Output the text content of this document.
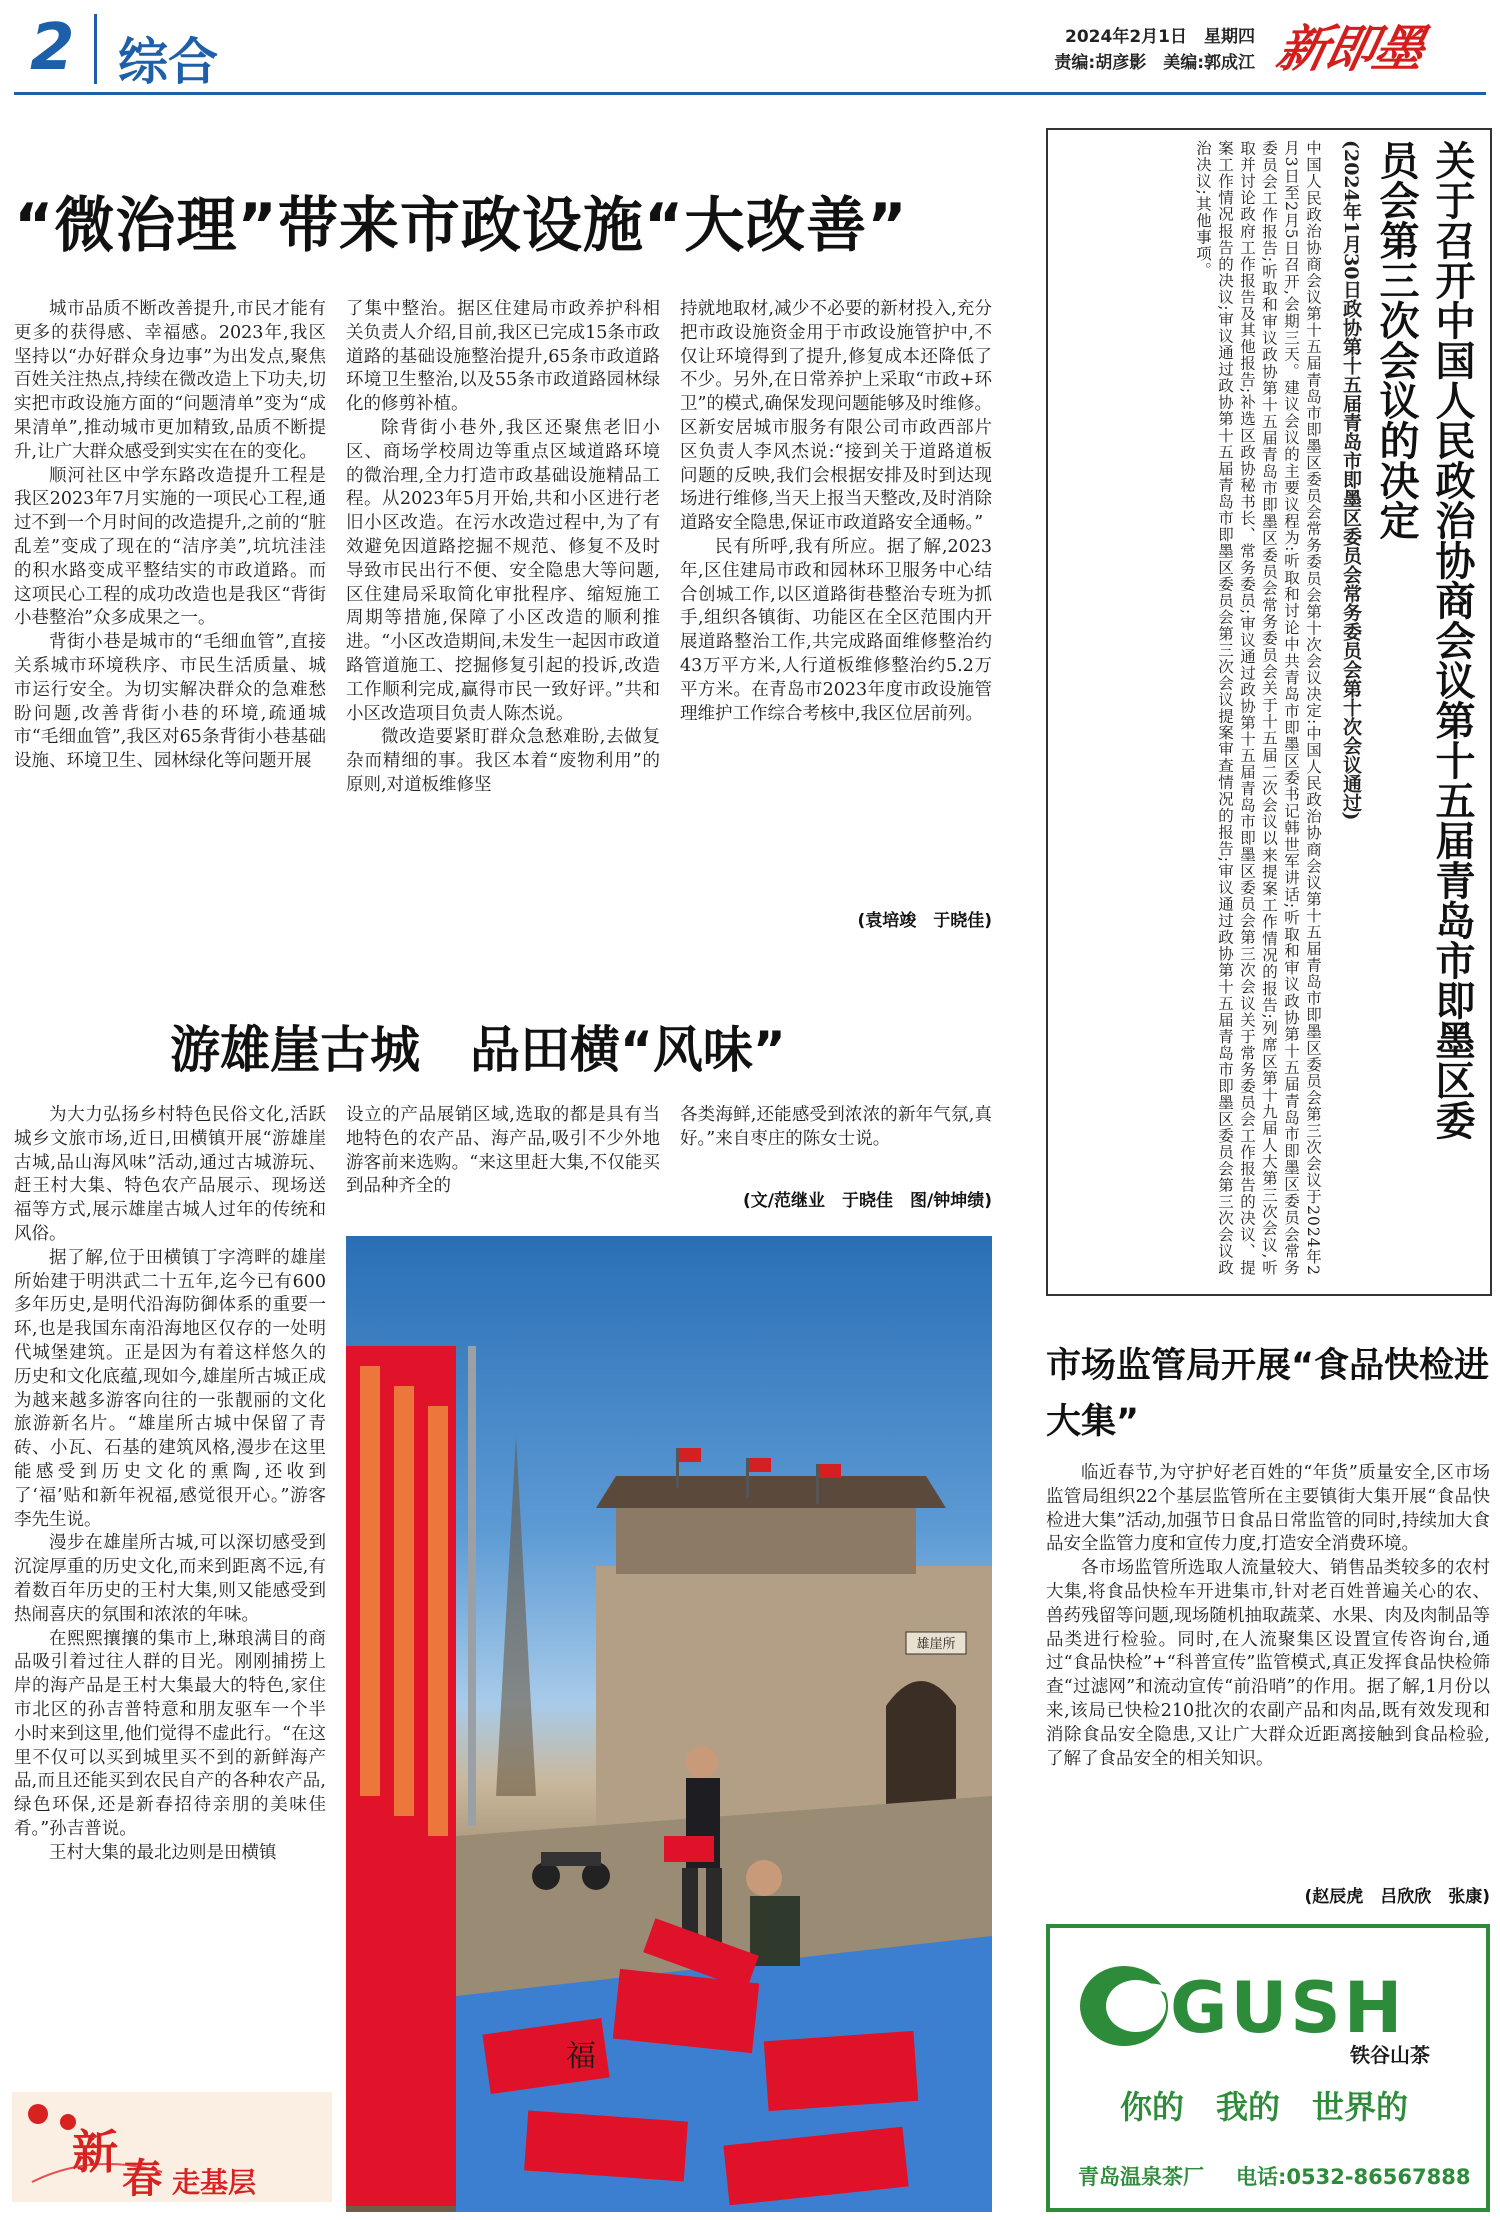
2 综合	2024年2月1日　星期四
责编:胡彦影　美编:郭成江 新即墨
“微治理”带来市政设施“大改善”

城市品质不断改善提升,市民才能有更多的获得感、幸福感。2023年,我区坚持以“办好群众身边事”为出发点,聚焦百姓关注热点,持续在微改造上下功夫,切实把市政设施方面的“问题清单”变为“成果清单”,推动城市更加精致,品质不断提升,让广大群众感受到实实在在的变化。

顺河社区中学东路改造提升工程是我区2023年7月实施的一项民心工程,通过不到一个月时间的改造提升,之前的“脏乱差”变成了现在的“洁序美”,坑坑洼洼的积水路变成平整结实的市政道路。而这项民心工程的成功改造也是我区“背街小巷整治”众多成果之一。

背街小巷是城市的“毛细血管”,直接关系城市环境秩序、市民生活质量、城市运行安全。为切实解决群众的急难愁盼问题,改善背街小巷的环境,疏通城市“毛细血管”,我区对65条背街小巷基础设施、环境卫生、园林绿化等问题开展

了集中整治。据区住建局市政养护科相关负责人介绍,目前,我区已完成15条市政道路的基础设施整治提升,65条市政道路环境卫生整治,以及55条市政道路园林绿化的修剪补植。

除背街小巷外,我区还聚焦老旧小区、商场学校周边等重点区域道路环境的微治理,全力打造市政基础设施精品工程。从2023年5月开始,共和小区进行老旧小区改造。在污水改造过程中,为了有效避免因道路挖掘不规范、修复不及时导致市民出行不便、安全隐患大等问题,区住建局采取简化审批程序、缩短施工周期等措施,保障了小区改造的顺利推进。“小区改造期间,未发生一起因市政道路管道施工、挖掘修复引起的投诉,改造工作顺利完成,赢得市民一致好评。”共和小区改造项目负责人陈杰说。

微改造要紧盯群众急愁难盼,去做复杂而精细的事。我区本着“废物利用”的原则,对道板维修坚

持就地取材,减少不必要的新材投入,充分把市政设施资金用于市政设施管护中,不仅让环境得到了提升,修复成本还降低了不少。另外,在日常养护上采取“市政+环卫”的模式,确保发现问题能够及时维修。区新安居城市服务有限公司市政西部片区负责人李风杰说:“接到关于道路道板问题的反映,我们会根据安排及时到达现场进行维修,当天上报当天整改,及时消除道路安全隐患,保证市政道路安全通畅。”

民有所呼,我有所应。据了解,2023年,区住建局市政和园林环卫服务中心结合创城工作,以区道路街巷整治专班为抓手,组织各镇街、功能区在全区范围内开展道路整治工作,共完成路面维修整治约43万平方米,人行道板维修整治约5.2万平方米。在青岛市2023年度市政设施管理维护工作综合考核中,我区位居前列。

(袁培竣　于晓佳)
游雄崖古城　品田横“风味”

为大力弘扬乡村特色民俗文化,活跃城乡文旅市场,近日,田横镇开展“游雄崖古城,品山海风味”活动,通过古城游玩、赶王村大集、特色农产品展示、现场送福等方式,展示雄崖古城人过年的传统和风俗。

据了解,位于田横镇丁字湾畔的雄崖所始建于明洪武二十五年,迄今已有600多年历史,是明代沿海防御体系的重要一环,也是我国东南沿海地区仅存的一处明代城堡建筑。正是因为有着这样悠久的历史和文化底蕴,现如今,雄崖所古城正成为越来越多游客向往的一张靓丽的文化旅游新名片。“雄崖所古城中保留了青砖、小瓦、石基的建筑风格,漫步在这里能感受到历史文化的熏陶,还收到了‘福’贴和新年祝福,感觉很开心。”游客李先生说。

漫步在雄崖所古城,可以深切感受到沉淀厚重的历史文化,而来到距离不远,有着数百年历史的王村大集,则又能感受到热闹喜庆的氛围和浓浓的年味。

在熙熙攘攘的集市上,琳琅满目的商品吸引着过往人群的目光。刚刚捕捞上岸的海产品是王村大集最大的特色,家住市北区的孙吉普特意和朋友驱车一个半小时来到这里,他们觉得不虚此行。“在这里不仅可以买到城里买不到的新鲜海产品,而且还能买到农民自产的各种农产品,绿色环保,还是新春招待亲朋的美味佳肴。”孙吉普说。

王村大集的最北边则是田横镇

设立的产品展销区域,选取的都是具有当地特色的农产品、海产品,吸引不少外地游客前来选购。“来这里赶大集,不仅能买到品种齐全的

各类海鲜,还能感受到浓浓的新年气氛,真好。”来自枣庄的陈女士说。

(文/范继业　于晓佳　图/钟坤绩)
雄崖所
福
新 春 走基层
关于召开中国人民政治协商会议第十五届青岛市即墨区委员会第三次会议的决定
(2024年1月30日政协第十五届青岛市即墨区委员会常务委员会第十次会议通过)
中国人民政治协商会议第十五届青岛市即墨区委员会常务委员会第十次会议决定:中国人民政治协商会议第十五届青岛市即墨区委员会第三次会议于2024年2月3日至2月5日召开,会期三天。建议会议的主要议程为:听取和讨论中共青岛市即墨区委书记韩世军讲话;听取和审议政协第十五届青岛市即墨区委员会常务委员会工作报告;听取和审议政协第十五届青岛市即墨区委员会常务委员会关于十五届二次会议以来提案工作情况的报告;列席区第十九届人大第三次会议,听取并讨论政府工作报告及其他报告;补选区政协秘书长、常务委员;审议通过政协第十五届青岛市即墨区委员会第三次会议关于常务委员会工作报告的决议、提案工作情况报告的决议;审议通过政协第十五届青岛市即墨区委员会第三次会议提案审查情况的报告;审议通过政协第十五届青岛市即墨区委员会第三次会议政治决议;其他事项。
市场监管局开展“食品快检进大集”

临近春节,为守护好老百姓的“年货”质量安全,区市场监管局组织22个基层监管所在主要镇街大集开展“食品快检进大集”活动,加强节日食品日常监管的同时,持续加大食品安全监管力度和宣传力度,打造安全消费环境。

各市场监管所选取人流量较大、销售品类较多的农村大集,将食品快检车开进集市,针对老百姓普遍关心的农、兽药残留等问题,现场随机抽取蔬菜、水果、肉及肉制品等品类进行检验。同时,在人流聚集区设置宣传咨询台,通过“食品快检”+“科普宣传”监管模式,真正发挥食品快检筛查“过滤网”和流动宣传“前沿哨”的作用。据了解,1月份以来,该局已快检210批次的农副产品和肉品,既有效发现和消除食品安全隐患,又让广大群众近距离接触到食品检验,了解了食品安全的相关知识。

(赵辰虎　吕欣欣　张康)
GUSH
铁谷山茶
你的　我的　世界的
青岛温泉茶厂 电话:0532-86567888
